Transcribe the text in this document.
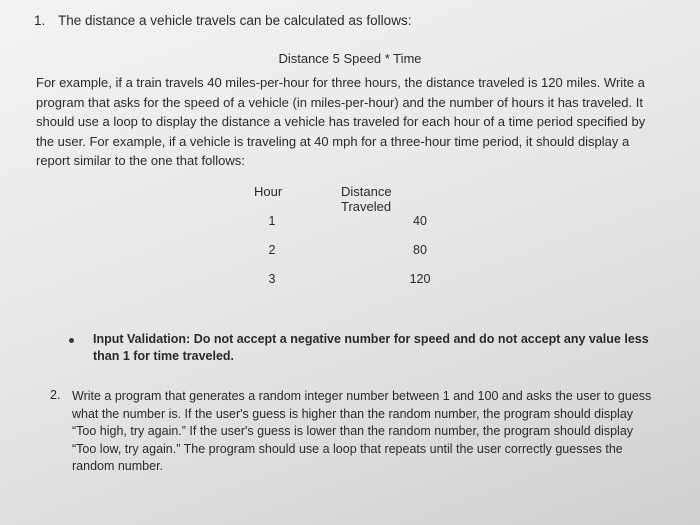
1. The distance a vehicle travels can be calculated as follows:
Distance 5 Speed * Time
For example, if a train travels 40 miles-per-hour for three hours, the distance traveled is 120 miles. Write a program that asks for the speed of a vehicle (in miles-per-hour) and the number of hours it has traveled. It should use a loop to display the distance a vehicle has traveled for each hour of a time period specified by the user. For example, if a vehicle is traveling at 40 mph for a three-hour time period, it should display a report similar to the one that follows:
Hour	Distance Traveled
1	40
2	80
3	120
Input Validation: Do not accept a negative number for speed and do not accept any value less than 1 for time traveled.
2. Write a program that generates a random integer number between 1 and 100 and asks the user to guess what the number is. If the user's guess is higher than the random number, the program should display “Too high, try again.” If the user's guess is lower than the random number, the program should display “Too low, try again.” The program should use a loop that repeats until the user correctly guesses the random number.
